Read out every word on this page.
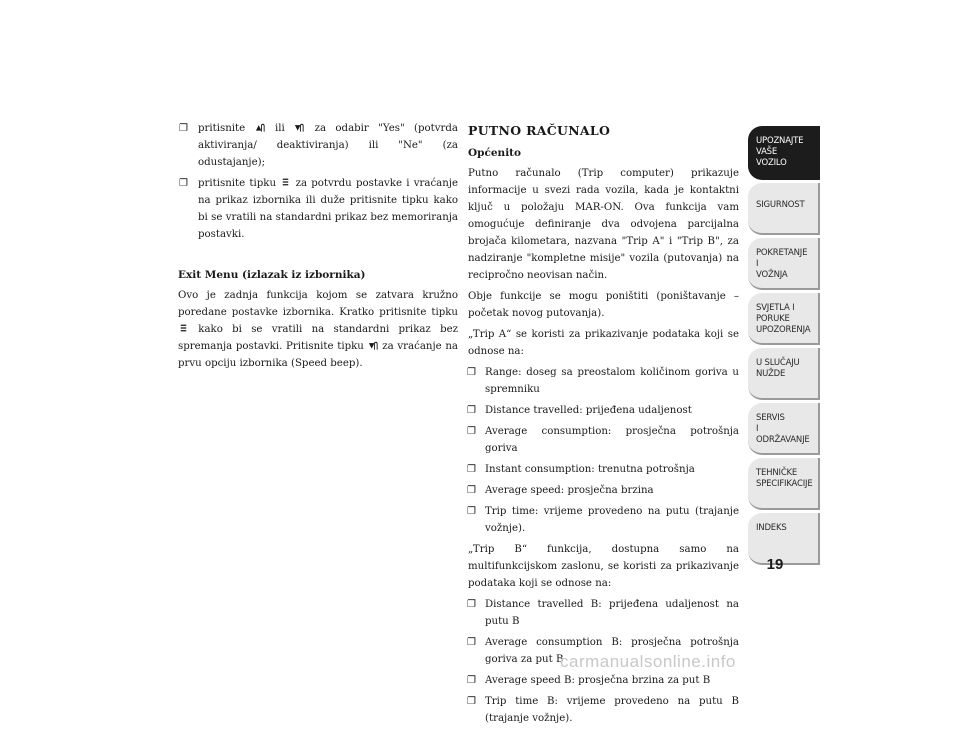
❐ pritisnite	ili	za odabir "Yes" (potvrda aktiviranja/ deaktiviranja) ili "Ne" (za odustajanje);

❐ pritisnite tipku za potvrdu postavke i vraćanje na prikaz izbornika ili duže pritisnite tipku kako bi se vratili na standardni prikaz bez memoriranja postavki.

Exit Menu (izlazak iz izbornika)

Ovo je zadnja funkcija kojom se zatvara kružno poredane postavke izbornika. Kratko pritisnite tipku  kako bi se vratili na standardni prikaz bez spremanja postavki. Pritisnite tipku za vraćanje na prvu opciju izbornika (Speed beep).

PUTNO RAČUNALO
Općenito

Putno računalo (Trip computer) prikazuje informacije u svezi rada vozila, kada je kontaktni ključ u položaju MAR-ON. Ova funkcija vam omogućuje definiranje dva odvojena parcijalna brojača kilometara, nazvana "Trip A" i "Trip B", za nadziranje "kompletne misije" vozila (putovanja) na recipročno neovisan način.

Obje funkcije se mogu poništiti (poništavanje – početak novog putovanja).

„Trip A“ se koristi za prikazivanje podataka koji se odnose na:

❐ Range: doseg sa preostalom količinom goriva u spremniku

❐ Distance travelled: prijeđena udaljenost

❐ Average consumption: prosječna potrošnja goriva

❐ Instant consumption: trenutna potrošnja

❐ Average speed: prosječna brzina

❐ Trip time: vrijeme provedeno na putu (trajanje vožnje).

„Trip B“ funkcija, dostupna samo na multifunkcijskom zaslonu, se koristi za prikazivanje podataka koji se odnose na:

❐ Distance travelled B: prijeđena udaljenost na putu B

❐ Average consumption B: prosječna potrošnja goriva za put B

❐ Average speed B: prosječna brzina za put B

❐ Trip time B: vrijeme provedeno na putu B (trajanje vožnje).

UPOZNAJTE
VAŠE
VOZILO
SIGURNOST
POKRETANJE
I
VOŽNJA
SVJETLA I
PORUKE
UPOZORENJA
U SLUČAJU
NUŽDE
SERVIS
I
ODRŽAVANJE
TEHNIČKE
SPECIFIKACIJE
INDEKS
19
carmanualsonline.info
